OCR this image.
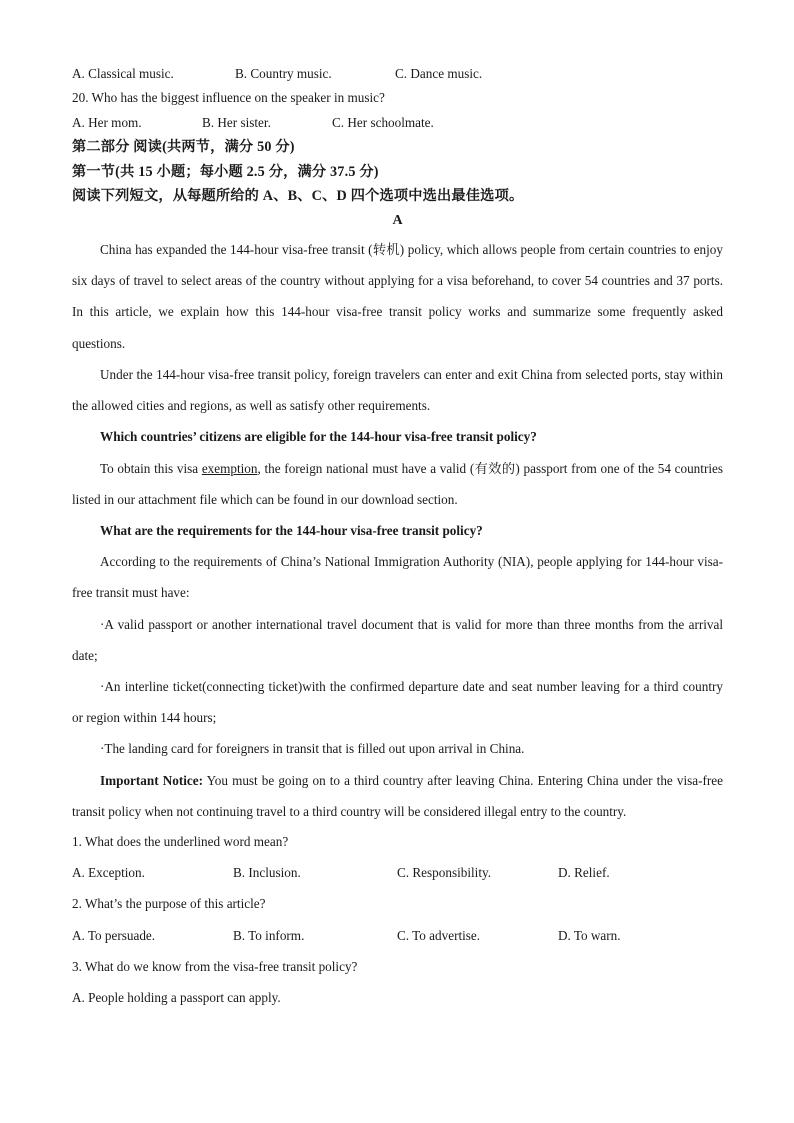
A. Classical music.	B. Country music.	C. Dance music.
20. Who has the biggest influence on the speaker in music?
A. Her mom.	B. Her sister.	C. Her schoolmate.
第二部分 阅读(共两节，满分 50 分)
第一节(共 15 小题；每小题 2.5 分，满分 37.5 分)
阅读下列短文，从每题所给的 A、B、C、D 四个选项中选出最佳选项。
A
China has expanded the 144-hour visa-free transit (转机) policy, which allows people from certain countries to enjoy six days of travel to select areas of the country without applying for a visa beforehand, to cover 54 countries and 37 ports. In this article, we explain how this 144-hour visa-free transit policy works and summarize some frequently asked questions.
Under the 144-hour visa-free transit policy, foreign travelers can enter and exit China from selected ports, stay within the allowed cities and regions, as well as satisfy other requirements.
Which countries’ citizens are eligible for the 144-hour visa-free transit policy?
To obtain this visa exemption, the foreign national must have a valid (有效的) passport from one of the 54 countries listed in our attachment file which can be found in our download section.
What are the requirements for the 144-hour visa-free transit policy?
According to the requirements of China’s National Immigration Authority (NIA), people applying for 144-hour visa-free transit must have:
·A valid passport or another international travel document that is valid for more than three months from the arrival date;
·An interline ticket(connecting ticket)with the confirmed departure date and seat number leaving for a third country or region within 144 hours;
·The landing card for foreigners in transit that is filled out upon arrival in China.
Important Notice: You must be going on to a third country after leaving China. Entering China under the visa-free transit policy when not continuing travel to a third country will be considered illegal entry to the country.
1. What does the underlined word mean?
A. Exception.	B. Inclusion.	C. Responsibility.	D. Relief.
2. What’s the purpose of this article?
A. To persuade.	B. To inform.	C. To advertise.	D. To warn.
3. What do we know from the visa-free transit policy?
A. People holding a passport can apply.
